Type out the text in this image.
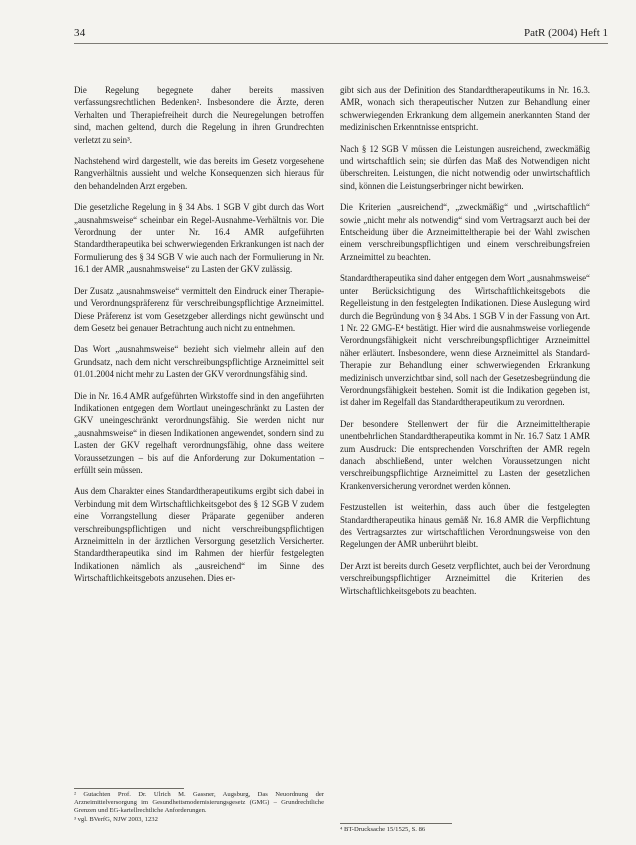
34	PatR (2004) Heft 1

Die Regelung begegnete daher bereits massiven verfassungsrechtlichen Bedenken². Insbesondere die Ärzte, deren Verhalten und Therapiefreiheit durch die Neuregelungen betroffen sind, machen geltend, durch die Regelung in ihren Grundrechten verletzt zu sein³.

Nachstehend wird dargestellt, wie das bereits im Gesetz vorgesehene Rangverhältnis aussieht und welche Konsequenzen sich hieraus für den behandelnden Arzt ergeben.

Die gesetzliche Regelung in § 34 Abs. 1 SGB V gibt durch das Wort „ausnahmsweise“ scheinbar ein Regel-Ausnahme-Verhältnis vor. Die Verordnung der unter Nr. 16.4 AMR aufgeführten Standardtherapeutika bei schwerwiegenden Erkrankungen ist nach der Formulierung des § 34 SGB V wie auch nach der Formulierung in Nr. 16.1 der AMR „ausnahmsweise“ zu Lasten der GKV zulässig.

Der Zusatz „ausnahmsweise“ vermittelt den Eindruck einer Therapie- und Verordnungspräferenz für verschreibungspflichtige Arzneimittel. Diese Präferenz ist vom Gesetzgeber allerdings nicht gewünscht und dem Gesetz bei genauer Betrachtung auch nicht zu entnehmen.

Das Wort „ausnahmsweise“ bezieht sich vielmehr allein auf den Grundsatz, nach dem nicht verschreibungspflichtige Arzneimittel seit 01.01.2004 nicht mehr zu Lasten der GKV verordnungsfähig sind.

Die in Nr. 16.4 AMR aufgeführten Wirkstoffe sind in den angeführten Indikationen entgegen dem Wortlaut uneingeschränkt zu Lasten der GKV uneingeschränkt verordnungsfähig. Sie werden nicht nur „ausnahmsweise“ in diesen Indikationen angewendet, sondern sind zu Lasten der GKV regelhaft verordnungsfähig, ohne dass weitere Voraussetzungen – bis auf die Anforderung zur Dokumentation – erfüllt sein müssen.

Aus dem Charakter eines Standardtherapeutikums ergibt sich dabei in Verbindung mit dem Wirtschaftlichkeitsgebot des § 12 SGB V zudem eine Vorrangstellung dieser Präparate gegenüber anderen verschreibungspflichtigen und nicht verschreibungspflichtigen Arzneimitteln in der ärztlichen Versorgung gesetzlich Versicherter. Standardtherapeutika sind im Rahmen der hierfür festgelegten Indikationen nämlich als „ausreichend“ im Sinne des Wirtschaftlichkeitsgebots anzusehen. Dies er-

gibt sich aus der Definition des Standardtherapeutikums in Nr. 16.3. AMR, wonach sich therapeutischer Nutzen zur Behandlung einer schwerwiegenden Erkrankung dem allgemein anerkannten Stand der medizinischen Erkenntnisse entspricht.

Nach § 12 SGB V müssen die Leistungen ausreichend, zweckmäßig und wirtschaftlich sein; sie dürfen das Maß des Notwendigen nicht überschreiten. Leistungen, die nicht notwendig oder unwirtschaftlich sind, können die Leistungserbringer nicht bewirken.

Die Kriterien „ausreichend“, „zweckmäßig“ und „wirtschaftlich“ sowie „nicht mehr als notwendig“ sind vom Vertragsarzt auch bei der Entscheidung über die Arzneimitteltherapie bei der Wahl zwischen einem verschreibungspflichtigen und einem verschreibungsfreien Arzneimittel zu beachten.

Standardtherapeutika sind daher entgegen dem Wort „ausnahmsweise“ unter Berücksichtigung des Wirtschaftlichkeitsgebots die Regelleistung in den festgelegten Indikationen. Diese Auslegung wird durch die Begründung von § 34 Abs. 1 SGB V in der Fassung von Art. 1 Nr. 22 GMG-E⁴ bestätigt. Hier wird die ausnahmsweise vorliegende Verordnungsfähigkeit nicht verschreibungspflichtiger Arzneimittel näher erläutert. Insbesondere, wenn diese Arzneimittel als Standard-Therapie zur Behandlung einer schwerwiegenden Erkrankung medizinisch unverzichtbar sind, soll nach der Gesetzesbegründung die Verordnungsfähigkeit bestehen. Somit ist die Indikation gegeben ist, ist daher im Regelfall das Standardtherapeutikum zu verordnen.

Der besondere Stellenwert der für die Arzneimitteltherapie unentbehrlichen Standardtherapeutika kommt in Nr. 16.7 Satz 1 AMR zum Ausdruck: Die entsprechenden Vorschriften der AMR regeln danach abschließend, unter welchen Voraussetzungen nicht verschreibungspflichtige Arzneimittel zu Lasten der gesetzlichen Krankenversicherung verordnet werden können.

Festzustellen ist weiterhin, dass auch über die festgelegten Standardtherapeutika hinaus gemäß Nr. 16.8 AMR die Verpflichtung des Vertragsarztes zur wirtschaftlichen Verordnungsweise von den Regelungen der AMR unberührt bleibt.

Der Arzt ist bereits durch Gesetz verpflichtet, auch bei der Verordnung verschreibungspflichtiger Arzneimittel die Kriterien des Wirtschaftlichkeitsgebots zu beachten.

² Gutachten Prof. Dr. Ulrich M. Gassner, Augsburg, Das Neuordnung der Arzneimittelversorgung im Gesundheitsmodernisierungsgesetz (GMG) – Grundrechtliche Grenzen und EG-kartellrechtliche Anforderungen.

³ vgl. BVerfG, NJW 2003, 1232

⁴ BT-Drucksache 15/1525, S. 86
